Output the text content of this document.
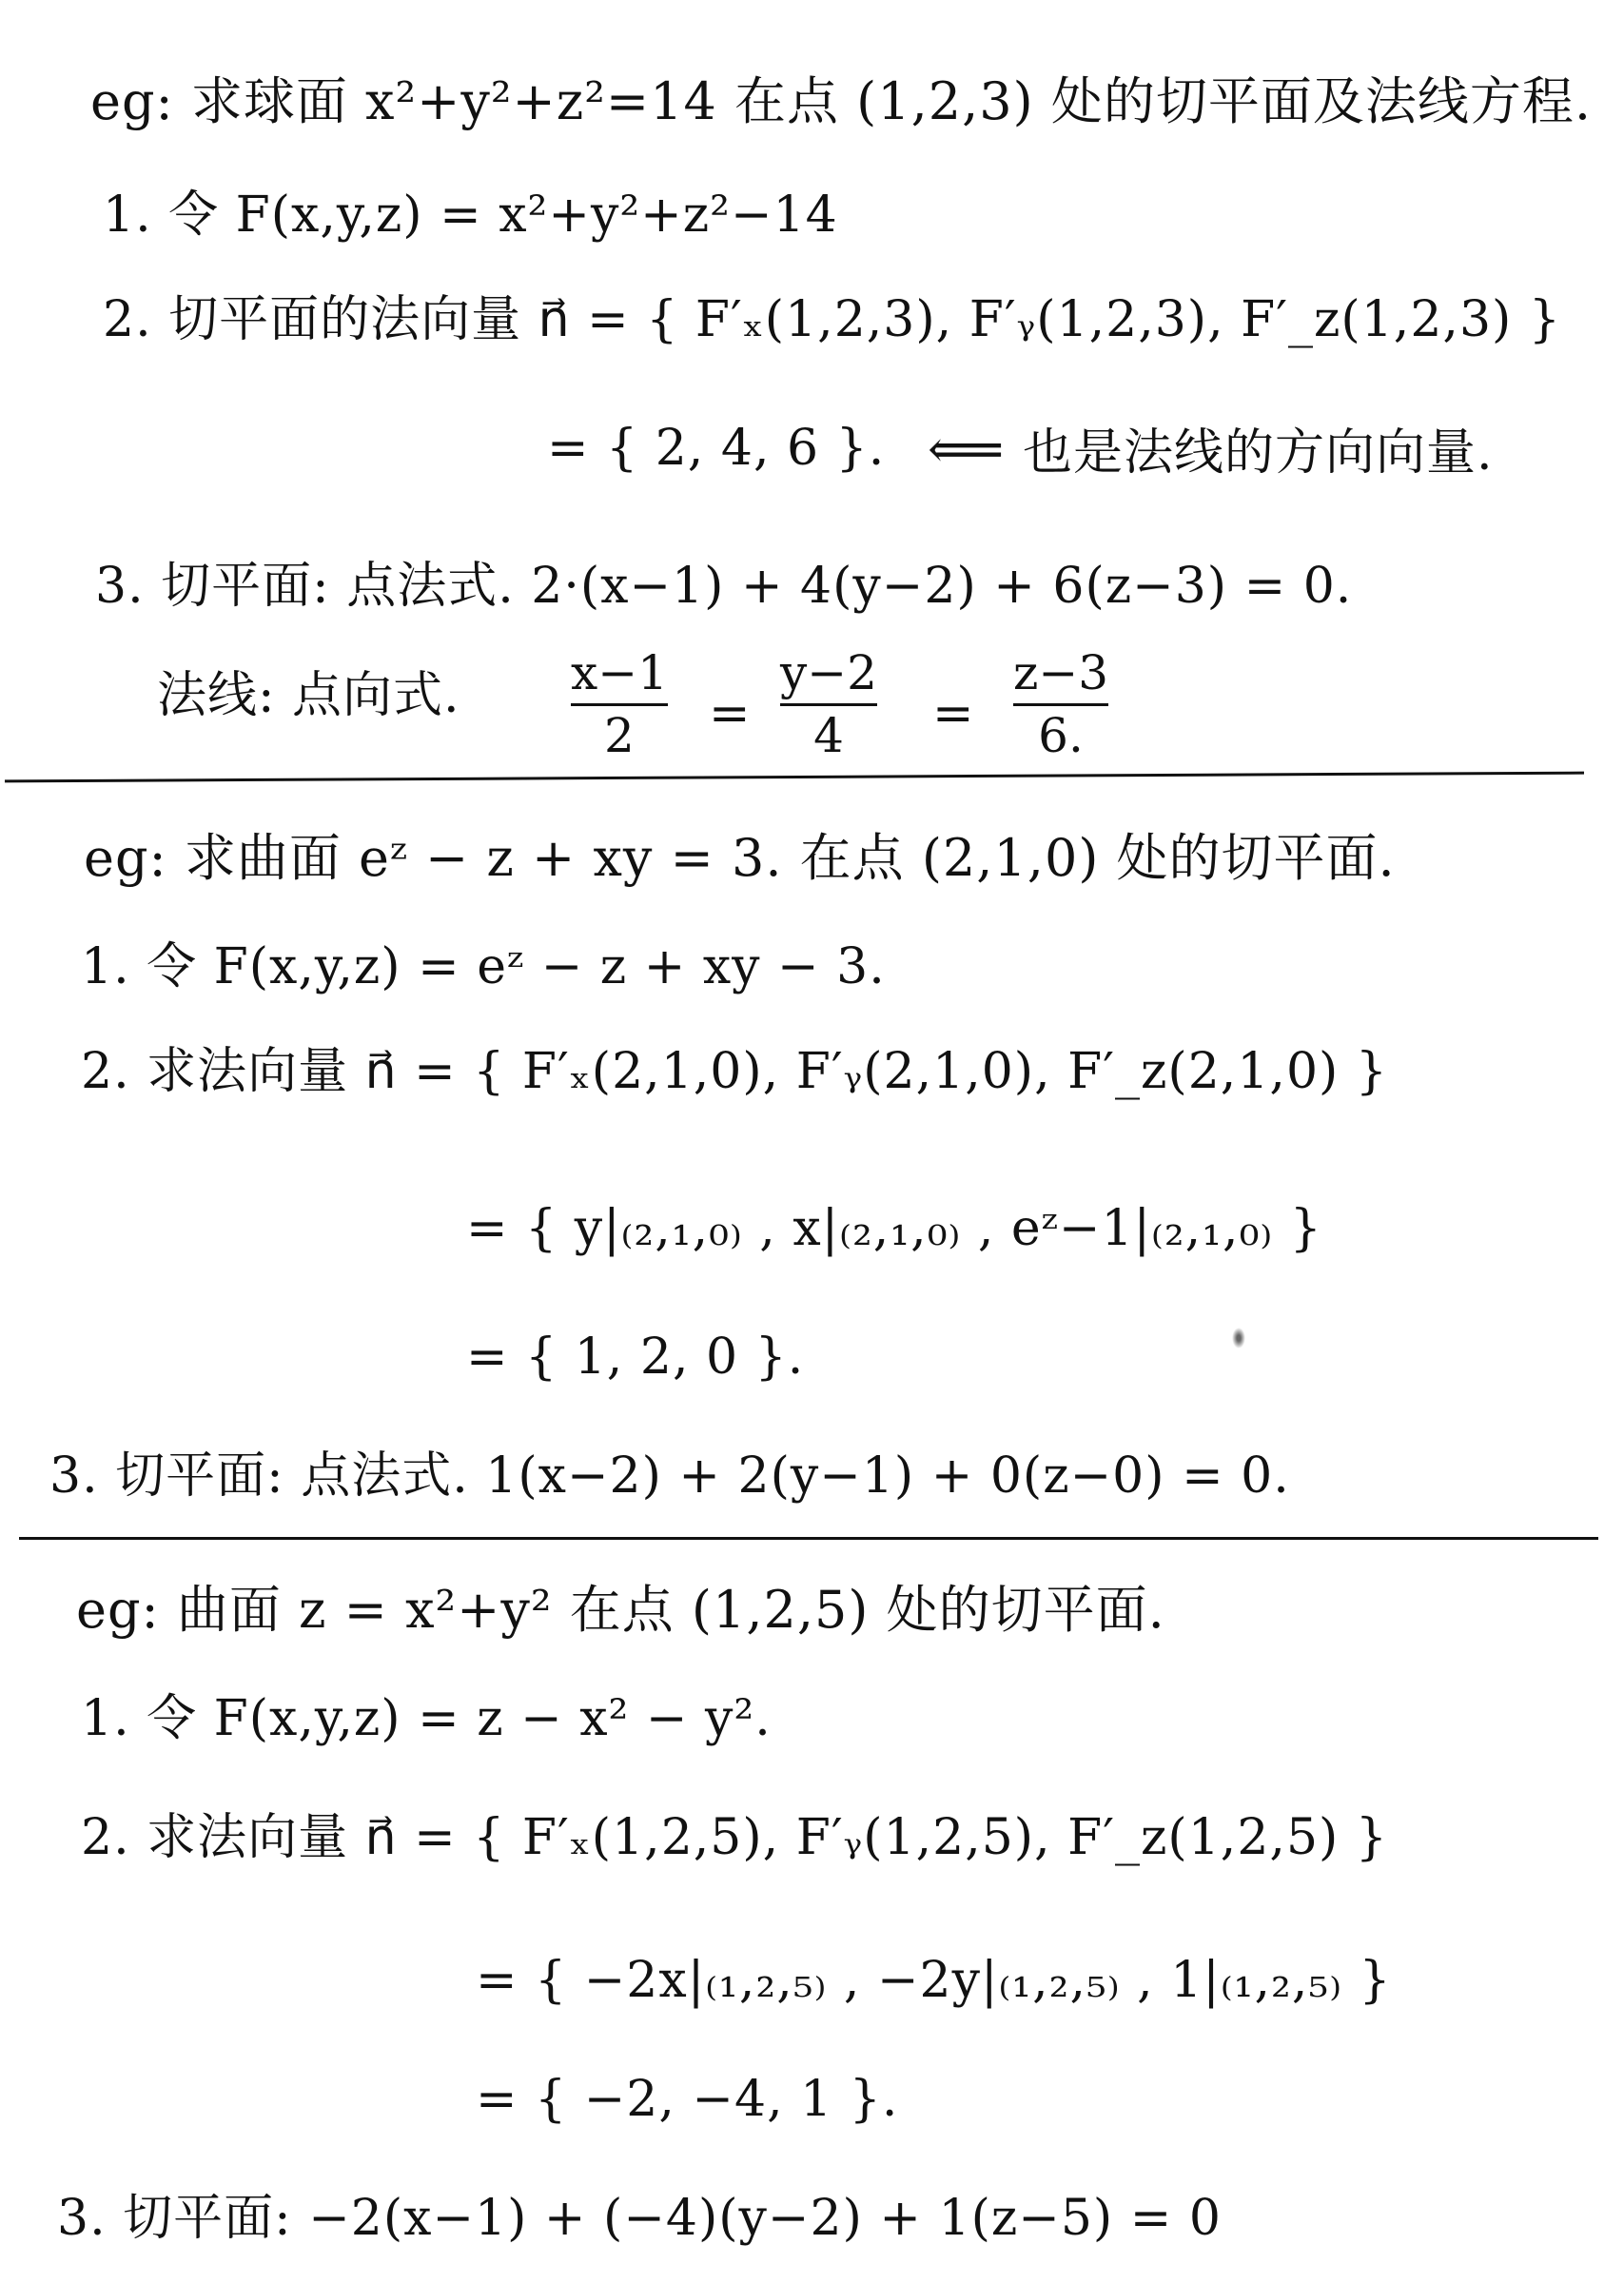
eg: 求球面 x²+y²+z²=14 在点 (1,2,3) 处的切平面及法线方程.
1. 令 F(x,y,z) = x²+y²+z²−14
2. 切平面的法向量 n⃗ = { F′ₓ(1,2,3), F′ᵧ(1,2,3), F′_z(1,2,3) }
= { 2, 4, 6 }. ⟸ 也是法线的方向向量.
3. 切平面: 点法式. 2·(x−1) + 4(y−2) + 6(z−3) = 0.
法线: 点向式. x−1
2 =
y−2
4 =
z−3
6.
eg: 求曲面 eᶻ − z + xy = 3. 在点 (2,1,0) 处的切平面.
1. 令 F(x,y,z) = eᶻ − z + xy − 3.
2. 求法向量 n⃗ = { F′ₓ(2,1,0), F′ᵧ(2,1,0), F′_z(2,1,0) }
= { y|₍₂,₁,₀₎ , x|₍₂,₁,₀₎ , eᶻ−1|₍₂,₁,₀₎ }
= { 1, 2, 0 }.
3. 切平面: 点法式. 1(x−2) + 2(y−1) + 0(z−0) = 0.
eg: 曲面 z = x²+y² 在点 (1,2,5) 处的切平面.
1. 令 F(x,y,z) = z − x² − y².
2. 求法向量 n⃗ = { F′ₓ(1,2,5), F′ᵧ(1,2,5), F′_z(1,2,5) }
= { −2x|₍₁,₂,₅₎ , −2y|₍₁,₂,₅₎ , 1|₍₁,₂,₅₎ }
= { −2, −4, 1 }.
3. 切平面: −2(x−1) + (−4)(y−2) + 1(z−5) = 0
